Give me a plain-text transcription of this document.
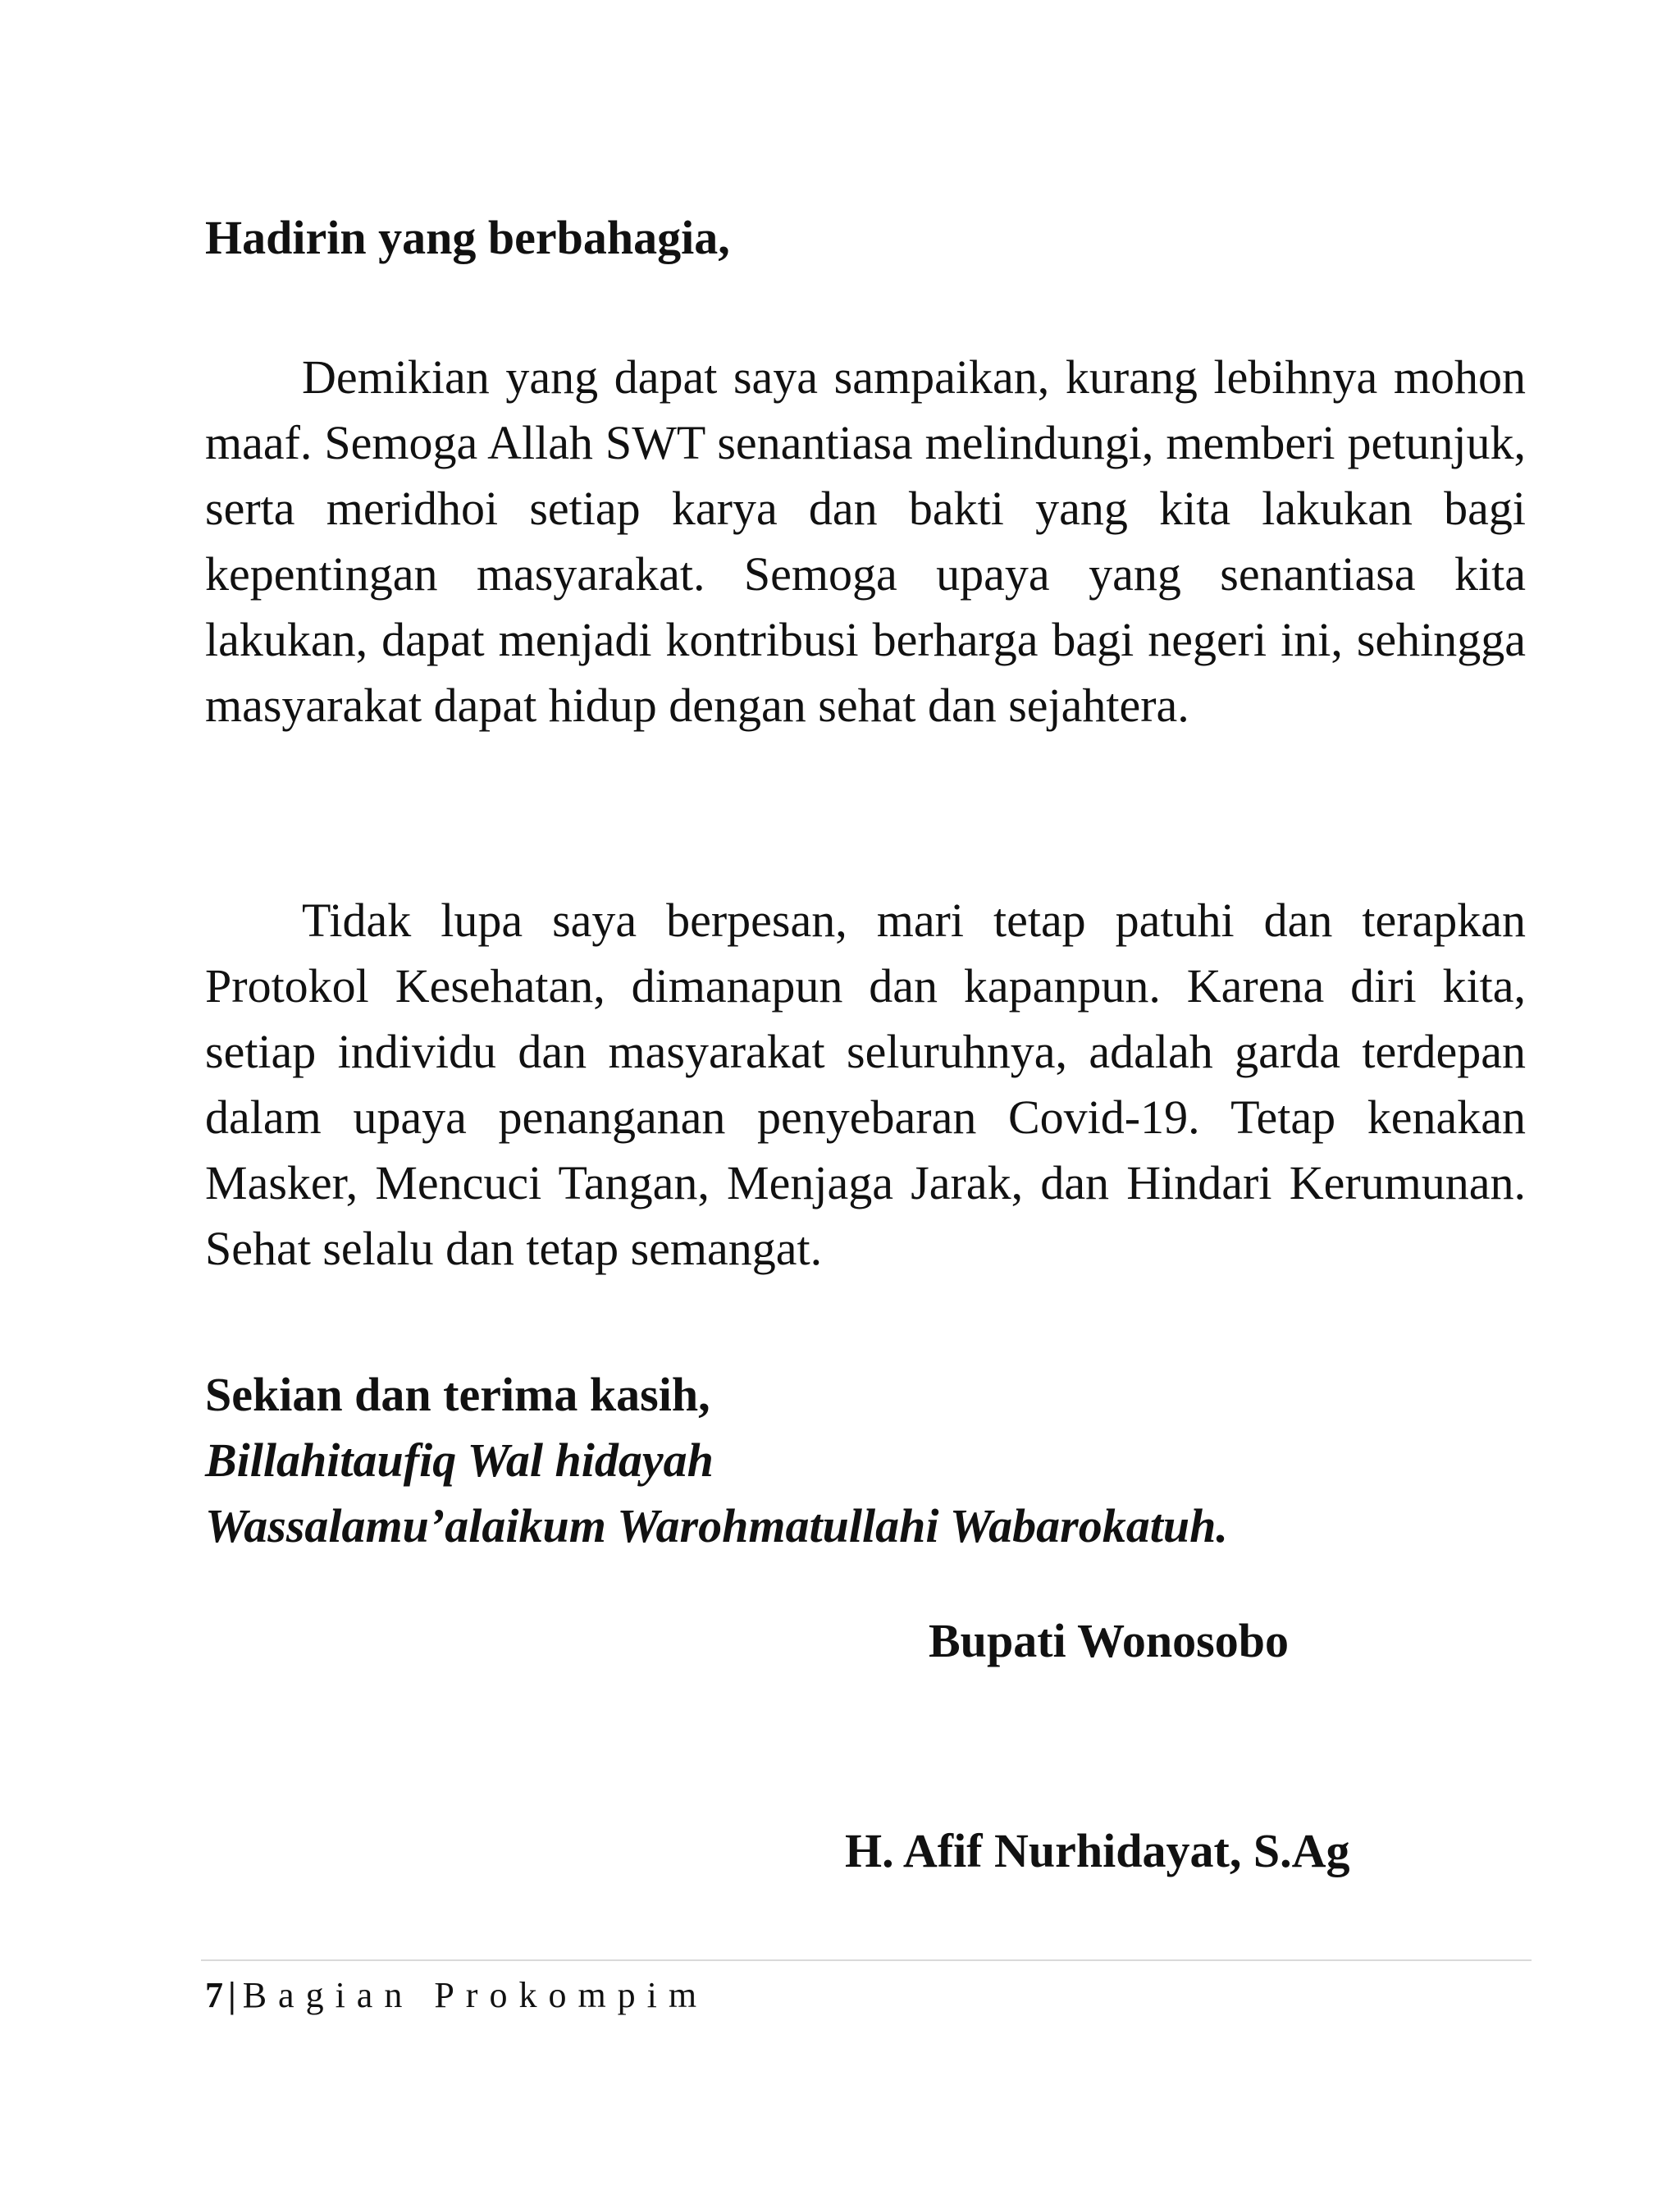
Hadirin yang berbahagia,

Demikian yang dapat saya sampaikan, kurang lebihnya mohon maaf. Semoga Allah SWT senantiasa melindungi, memberi petunjuk, serta meridhoi setiap karya dan bakti yang kita lakukan bagi kepentingan masyarakat. Semoga upaya yang senantiasa kita lakukan, dapat menjadi kontribusi berharga bagi negeri ini, sehingga masyarakat dapat hidup dengan sehat dan sejahtera.

Tidak lupa saya berpesan, mari tetap patuhi dan terapkan Protokol Kesehatan, dimanapun dan kapanpun. Karena diri kita, setiap individu dan masyarakat seluruhnya, adalah garda terdepan dalam upaya penanganan penyebaran Covid-19. Tetap kenakan Masker, Mencuci Tangan, Menjaga Jarak, dan Hindari Kerumunan. Sehat selalu dan tetap semangat.

Sekian dan terima kasih,
Billahitaufiq Wal hidayah
Wassalamu’alaikum Warohmatullahi Wabarokatuh.
Bupati Wonosobo
H. Afif Nurhidayat, S.Ag
7 | Bagian Prokompim
